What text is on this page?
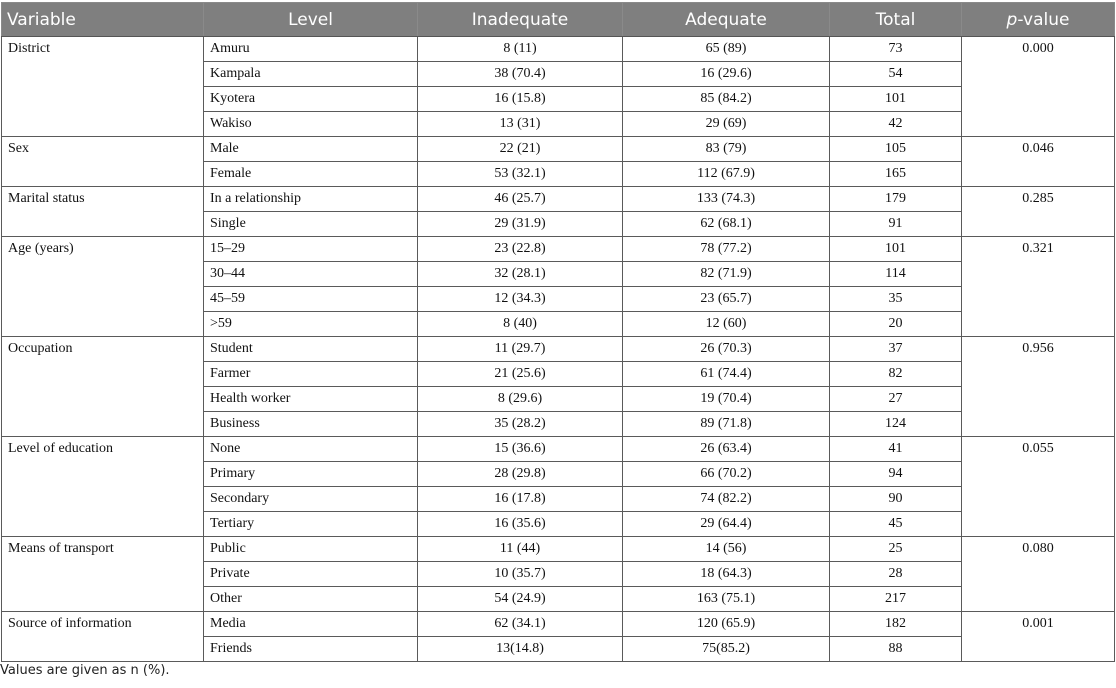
Variable	Level	Inadequate	Adequate	Total	p-value
District	Amuru	8 (11)	65 (89)	73	0.000
	Kampala	38 (70.4)	16 (29.6)	54	
	Kyotera	16 (15.8)	85 (84.2)	101	
	Wakiso	13 (31)	29 (69)	42	
Sex	Male	22 (21)	83 (79)	105	0.046
	Female	53 (32.1)	112 (67.9)	165	
Marital status	In a relationship	46 (25.7)	133 (74.3)	179	0.285
	Single	29 (31.9)	62 (68.1)	91	
Age (years)	15–29	23 (22.8)	78 (77.2)	101	0.321
	30–44	32 (28.1)	82 (71.9)	114	
	45–59	12 (34.3)	23 (65.7)	35	
	>59	8 (40)	12 (60)	20	
Occupation	Student	11 (29.7)	26 (70.3)	37	0.956
	Farmer	21 (25.6)	61 (74.4)	82	
	Health worker	8 (29.6)	19 (70.4)	27	
	Business	35 (28.2)	89 (71.8)	124	
Level of education	None	15 (36.6)	26 (63.4)	41	0.055
	Primary	28 (29.8)	66 (70.2)	94	
	Secondary	16 (17.8)	74 (82.2)	90	
	Tertiary	16 (35.6)	29 (64.4)	45	
Means of transport	Public	11 (44)	14 (56)	25	0.080
	Private	10 (35.7)	18 (64.3)	28	
	Other	54 (24.9)	163 (75.1)	217	
Source of information	Media	62 (34.1)	120 (65.9)	182	0.001
	Friends	13(14.8)	75(85.2)	88	
Values are given as n (%).
